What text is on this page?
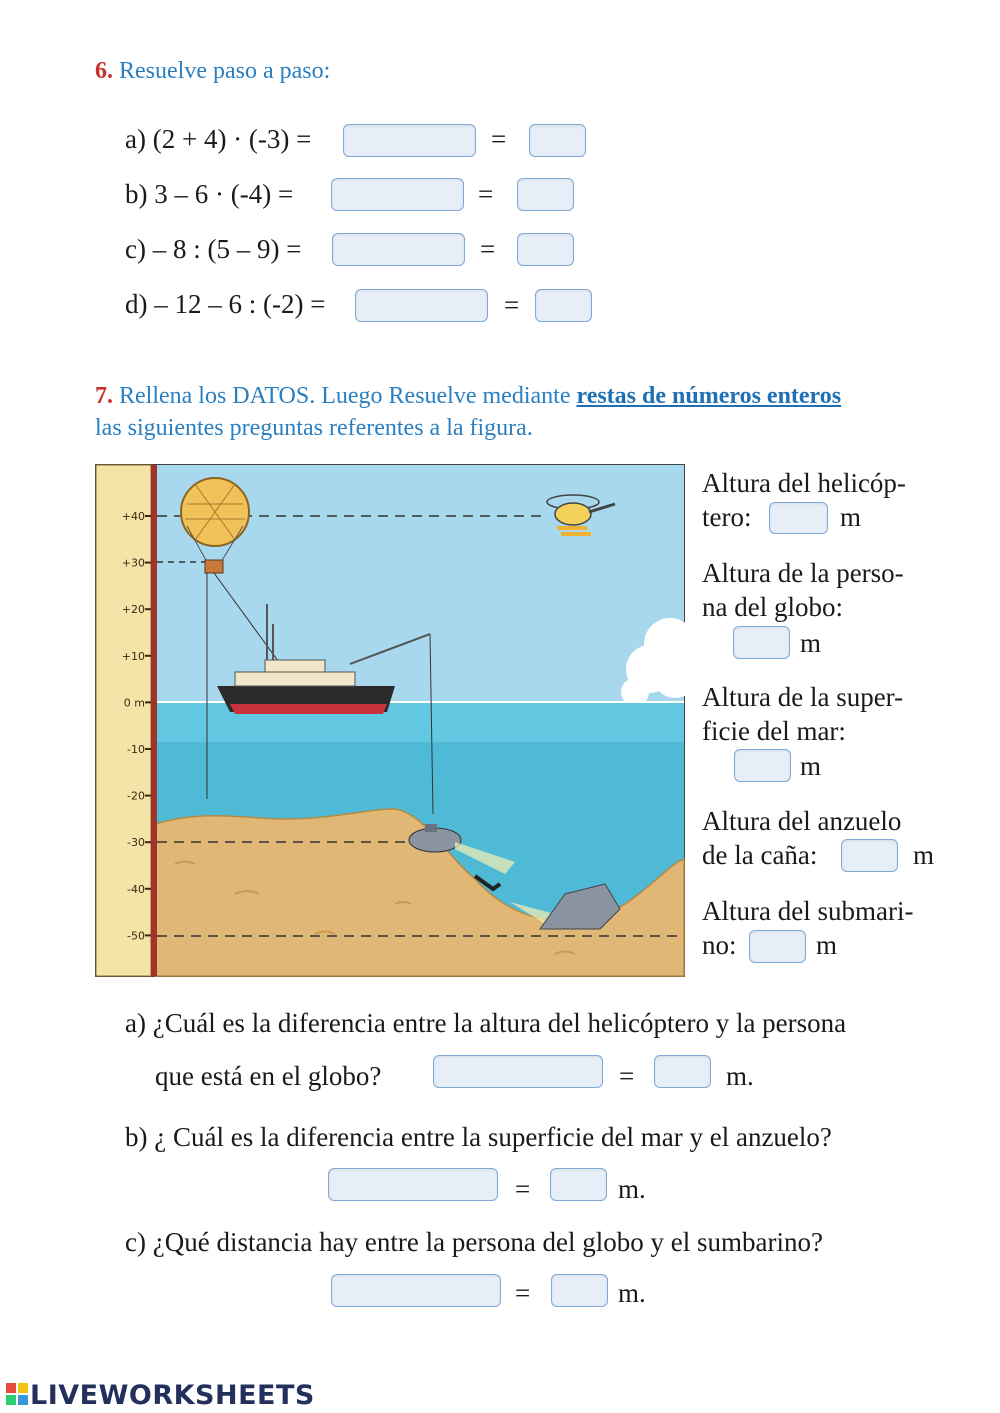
6. Resuelve paso a paso:
a) (2 + 4) · (-3) =	=
b) 3 – 6 · (-4) =	=
c) – 8 : (5 – 9) =	=
d) – 12 – 6 : (-2) =	=
7. Rellena los DATOS. Luego Resuelve mediante restas de números enteros
las siguientes preguntas referentes a la figura.
+40
+30
+20
+10
0 m
-10
-20
-30
-40
-50
Altura del helicóp-
tero:	m
Altura de la perso-
na del globo:
m
Altura de la super-
ficie del mar:
m
Altura del anzuelo
de la caña:	m
Altura del submari-
no:	m
a) ¿Cuál es la diferencia entre la altura del helicóptero y la persona
que está en el globo?	=	m.
b) ¿ Cuál es la diferencia entre la superficie del mar y el anzuelo?
=	m.
c) ¿Qué distancia hay entre la persona del globo y el sumbarino?
=	m.
LIVEWORKSHEETS
